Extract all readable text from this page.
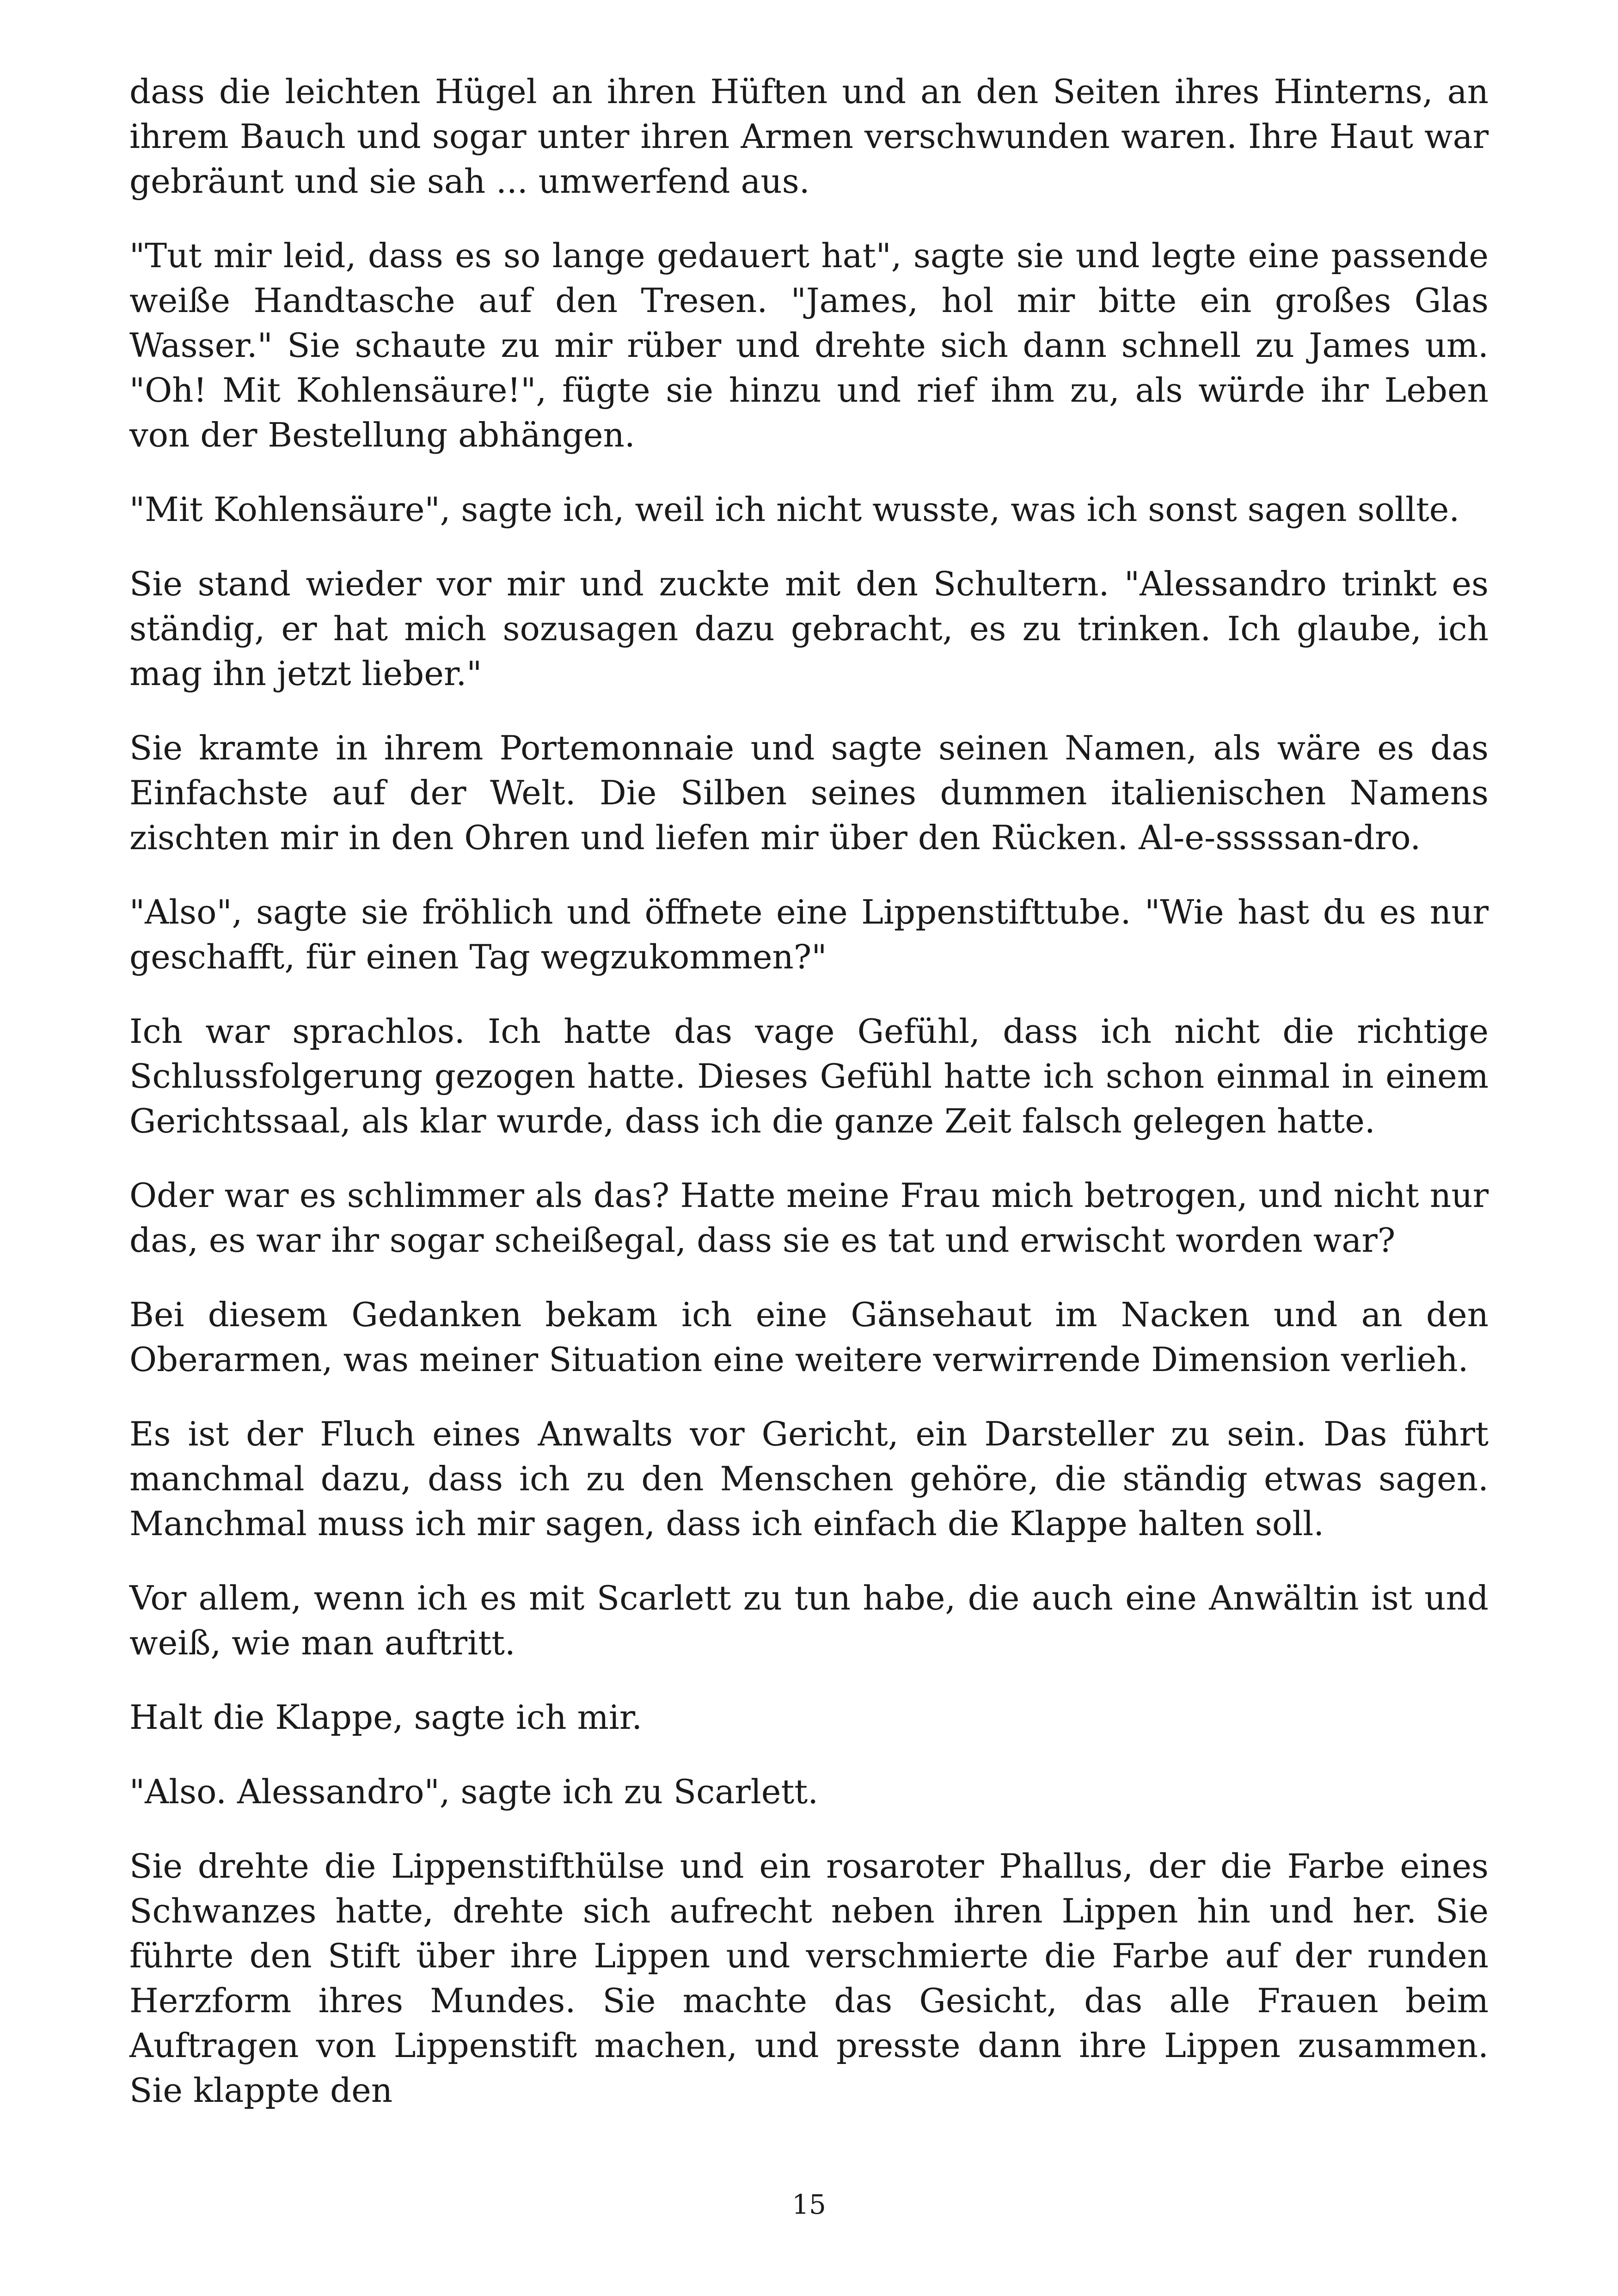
dass die leichten Hügel an ihren Hüften und an den Seiten ihres Hinterns, an ihrem Bauch und sogar unter ihren Armen verschwunden waren. Ihre Haut war gebräunt und sie sah ... umwerfend aus.

"Tut mir leid, dass es so lange gedauert hat", sagte sie und legte eine passende weiße Handtasche auf den Tresen. "James, hol mir bitte ein großes Glas Wasser." Sie schaute zu mir rüber und drehte sich dann schnell zu James um. "Oh! Mit Kohlensäure!", fügte sie hinzu und rief ihm zu, als würde ihr Leben von der Bestellung abhängen.

"Mit Kohlensäure", sagte ich, weil ich nicht wusste, was ich sonst sagen sollte.

Sie stand wieder vor mir und zuckte mit den Schultern. "Alessandro trinkt es ständig, er hat mich sozusagen dazu gebracht, es zu trinken. Ich glaube, ich mag ihn jetzt lieber."

Sie kramte in ihrem Portemonnaie und sagte seinen Namen, als wäre es das Einfachste auf der Welt. Die Silben seines dummen italienischen Namens zischten mir in den Ohren und liefen mir über den Rücken. Al-e-sssssan-dro.

"Also", sagte sie fröhlich und öffnete eine Lippenstifttube. "Wie hast du es nur geschafft, für einen Tag wegzukommen?"

Ich war sprachlos. Ich hatte das vage Gefühl, dass ich nicht die richtige Schlussfolgerung gezogen hatte. Dieses Gefühl hatte ich schon einmal in einem Gerichtssaal, als klar wurde, dass ich die ganze Zeit falsch gelegen hatte.

Oder war es schlimmer als das? Hatte meine Frau mich betrogen, und nicht nur das, es war ihr sogar scheißegal, dass sie es tat und erwischt worden war?

Bei diesem Gedanken bekam ich eine Gänsehaut im Nacken und an den Oberarmen, was meiner Situation eine weitere verwirrende Dimension verlieh.

Es ist der Fluch eines Anwalts vor Gericht, ein Darsteller zu sein. Das führt manchmal dazu, dass ich zu den Menschen gehöre, die ständig etwas sagen. Manchmal muss ich mir sagen, dass ich einfach die Klappe halten soll.

Vor allem, wenn ich es mit Scarlett zu tun habe, die auch eine Anwältin ist und weiß, wie man auftritt.

Halt die Klappe, sagte ich mir.

"Also. Alessandro", sagte ich zu Scarlett.

Sie drehte die Lippenstifthülse und ein rosaroter Phallus, der die Farbe eines Schwanzes hatte, drehte sich aufrecht neben ihren Lippen hin und her. Sie führte den Stift über ihre Lippen und verschmierte die Farbe auf der runden Herzform ihres Mundes. Sie machte das Gesicht, das alle Frauen beim Auftragen von Lippenstift machen, und presste dann ihre Lippen zusammen. Sie klappte den

15
